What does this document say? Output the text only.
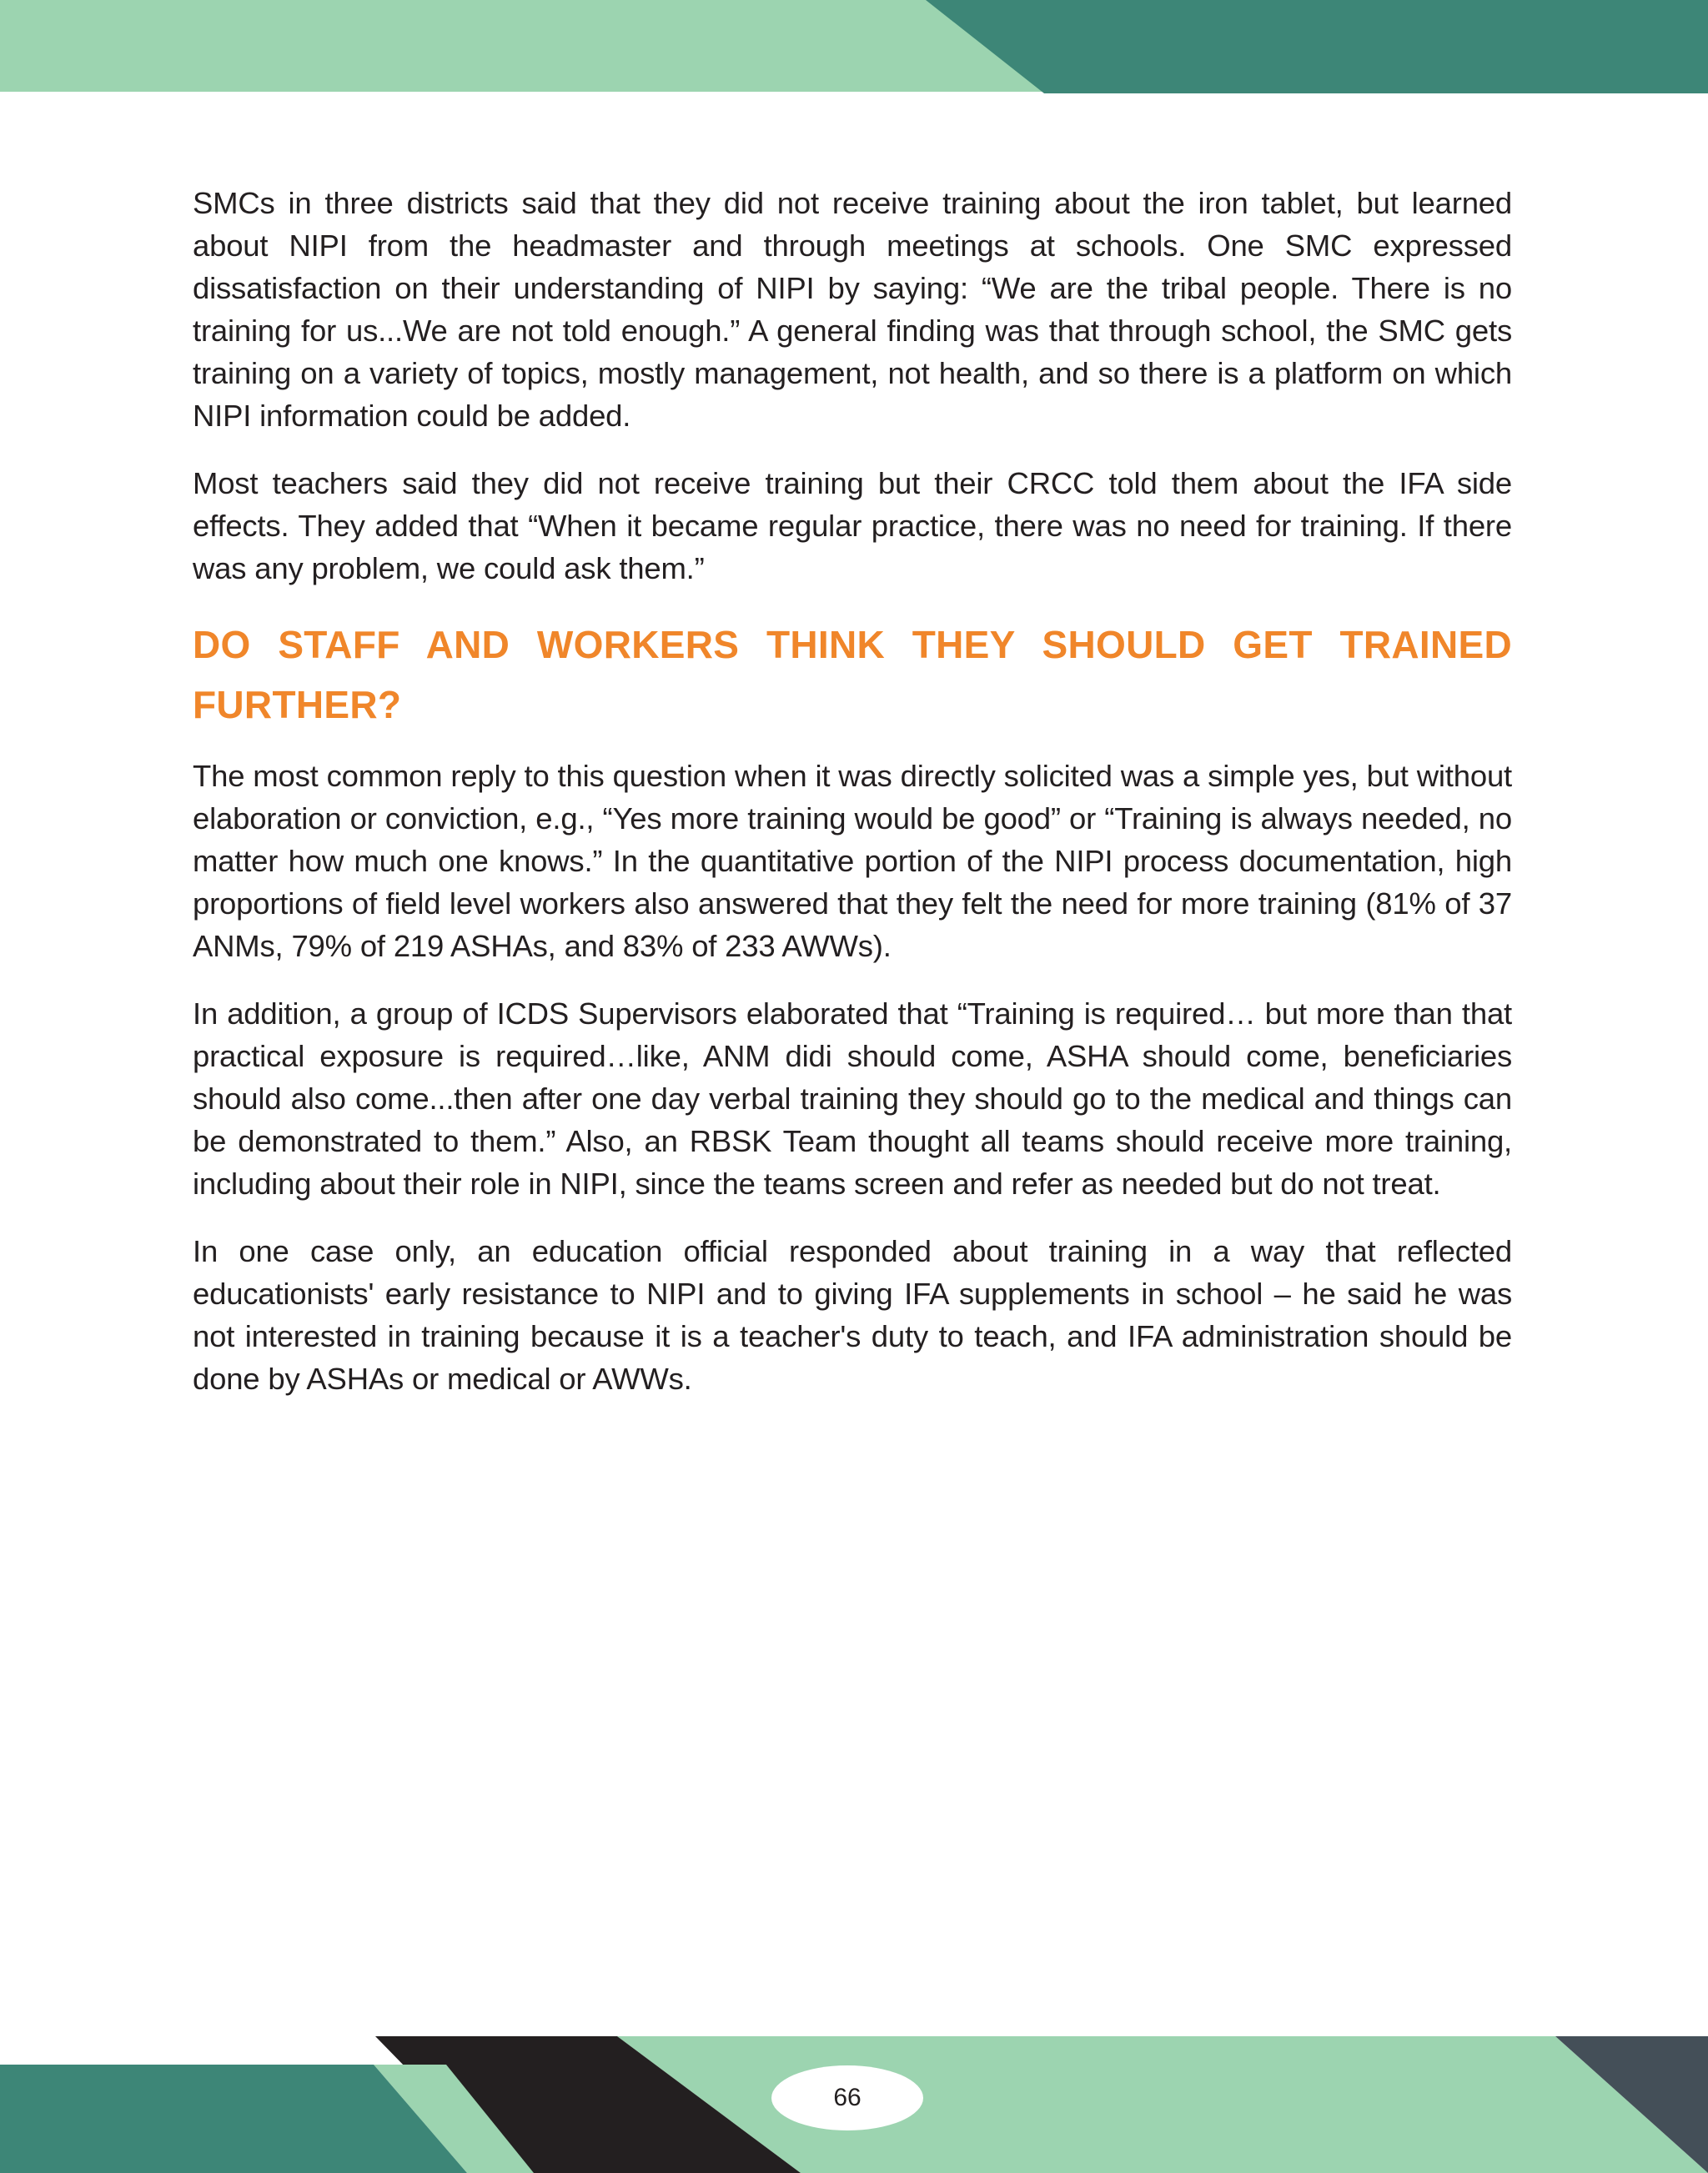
SMCs in three districts said that they did not receive training about the iron tablet, but learned about NIPI from the headmaster and through meetings at schools. One SMC expressed dissatisfaction on their understanding of NIPI by saying: “We are the tribal people. There is no training for us...We are not told enough.” A general finding was that through school, the SMC gets training on a variety of topics, mostly management, not health, and so there is a platform on which NIPI information could be added.

Most teachers said they did not receive training but their CRCC told them about the IFA side effects. They added that “When it became regular practice, there was no need for training. If there was any problem, we could ask them.”

DO STAFF AND WORKERS THINK THEY SHOULD GET TRAINED FURTHER?

The most common reply to this question when it was directly solicited was a simple yes, but without elaboration or conviction, e.g., “Yes more training would be good” or “Training is always needed, no matter how much one knows.” In the quantitative portion of the NIPI process documentation, high proportions of field level workers also answered that they felt the need for more training (81% of 37 ANMs, 79% of 219 ASHAs, and 83% of 233 AWWs).

In addition, a group of ICDS Supervisors elaborated that “Training is required… but more than that practical exposure is required…like, ANM didi should come, ASHA should come, beneficiaries should also come...then after one day verbal training they should go to the medical and things can be demonstrated to them.” Also, an RBSK Team thought all teams should receive more training, including about their role in NIPI, since the teams screen and refer as needed but do not treat.

In one case only, an education official responded about training in a way that reflected educationists' early resistance to NIPI and to giving IFA supplements in school – he said he was not interested in training because it is a teacher's duty to teach, and IFA administration should be done by ASHAs or medical or AWWs.

66
